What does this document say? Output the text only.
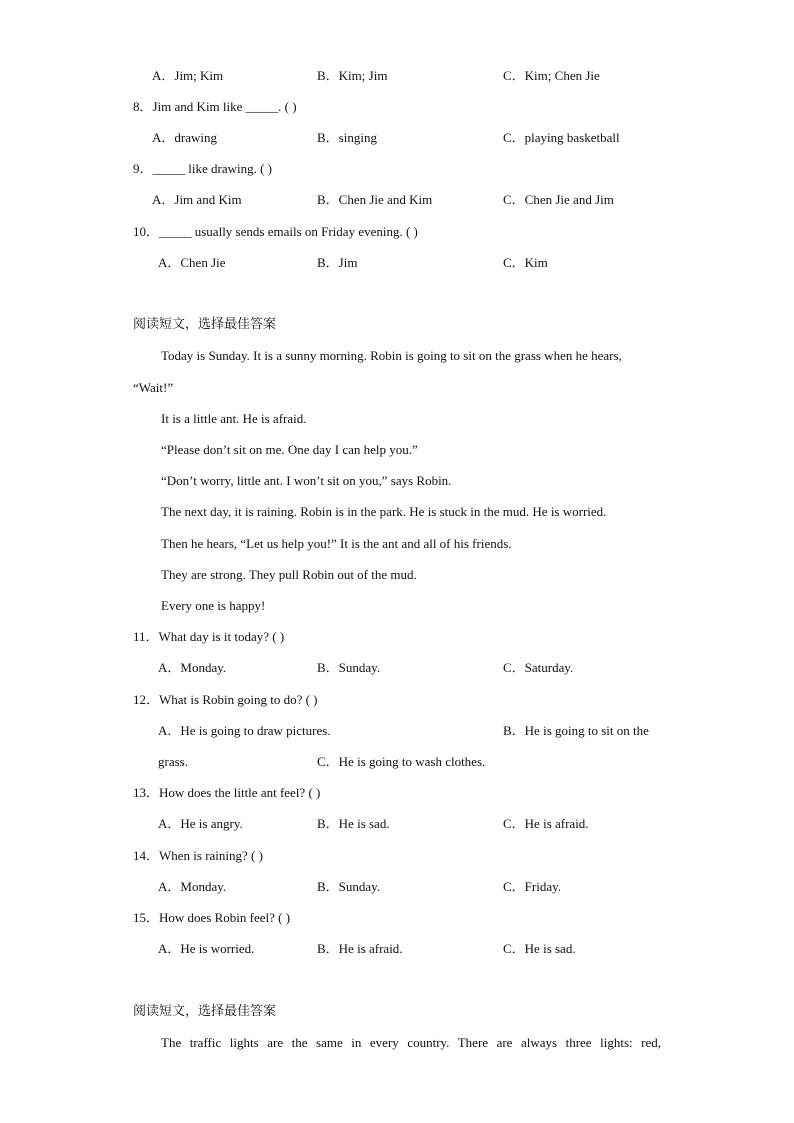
A．Jim; Kim	B．Kim; Jim	C．Kim; Chen Jie
8．Jim and Kim like _____. ( )
A．drawing	B．singing	C．playing basketball
9．_____ like drawing. ( )
A．Jim and Kim	B．Chen Jie and Kim	C．Chen Jie and Jim
10．_____ usually sends emails on Friday evening. ( )
A．Chen Jie	B．Jim	C．Kim
阅读短文，选择最佳答案
Today is Sunday. It is a sunny morning. Robin is going to sit on the grass when he hears,
“Wait!”
It is a little ant. He is afraid.
“Please don’t sit on me. One day I can help you.”
“Don’t worry, little ant. I won’t sit on you,” says Robin.
The next day, it is raining. Robin is in the park. He is stuck in the mud. He is worried.
Then he hears, “Let us help you!” It is the ant and all of his friends.
They are strong. They pull Robin out of the mud.
Every one is happy!
11．What day is it today? ( )
A．Monday.	B．Sunday.	C．Saturday.
12．What is Robin going to do? ( )
A．He is going to draw pictures.	B．He is going to sit on the
grass.	C．He is going to wash clothes.
13．How does the little ant feel? ( )
A．He is angry.	B．He is sad.	C．He is afraid.
14．When is raining? ( )
A．Monday.	B．Sunday.	C．Friday.
15．How does Robin feel? ( )
A．He is worried.	B．He is afraid.	C．He is sad.
阅读短文，选择最佳答案
The traffic lights are the same in every country. There are always three lights: red,
